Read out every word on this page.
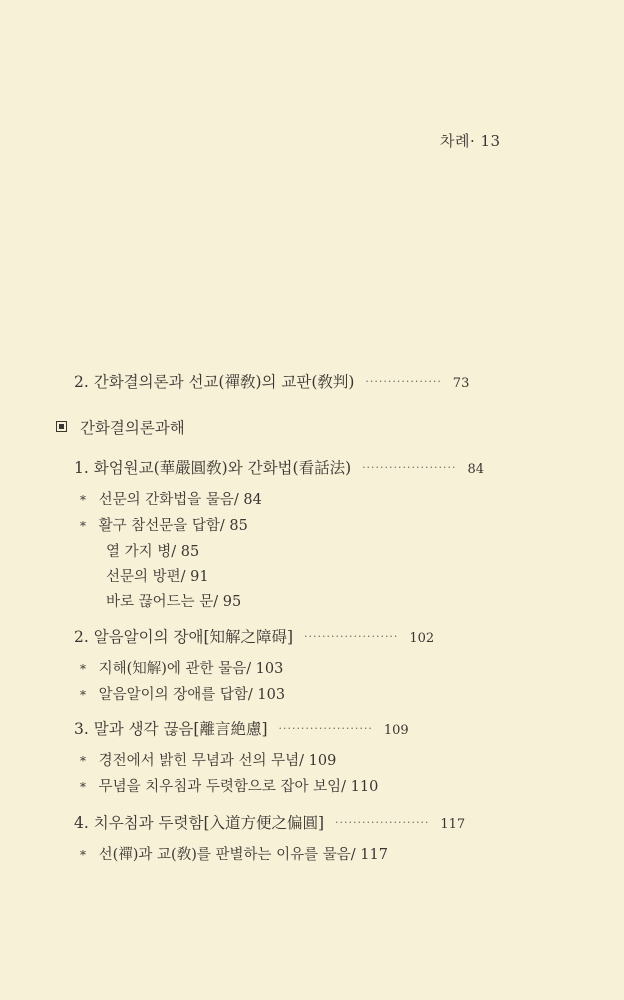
차례· 13
2. 간화결의론과 선교(禪敎)의 교판(敎判) ················· 73
간화결의론과해
1. 화엄원교(華嚴圓敎)와 간화법(看話法) ····················· 84
* 선문의 간화법을 물음/ 84
* 활구 참선문을 답함/ 85
열 가지 병/ 85
선문의 방편/ 91
바로 끊어드는 문/ 95
2. 알음알이의 장애[知解之障碍] ····················· 102
* 지해(知解)에 관한 물음/ 103
* 알음알이의 장애를 답함/ 103
3. 말과 생각 끊음[離言絶慮] ····················· 109
* 경전에서 밝힌 무념과 선의 무념/ 109
* 무념을 치우침과 두렷함으로 잡아 보임/ 110
4. 치우침과 두렷함[入道方便之偏圓] ····················· 117
* 선(禪)과 교(敎)를 판별하는 이유를 물음/ 117
